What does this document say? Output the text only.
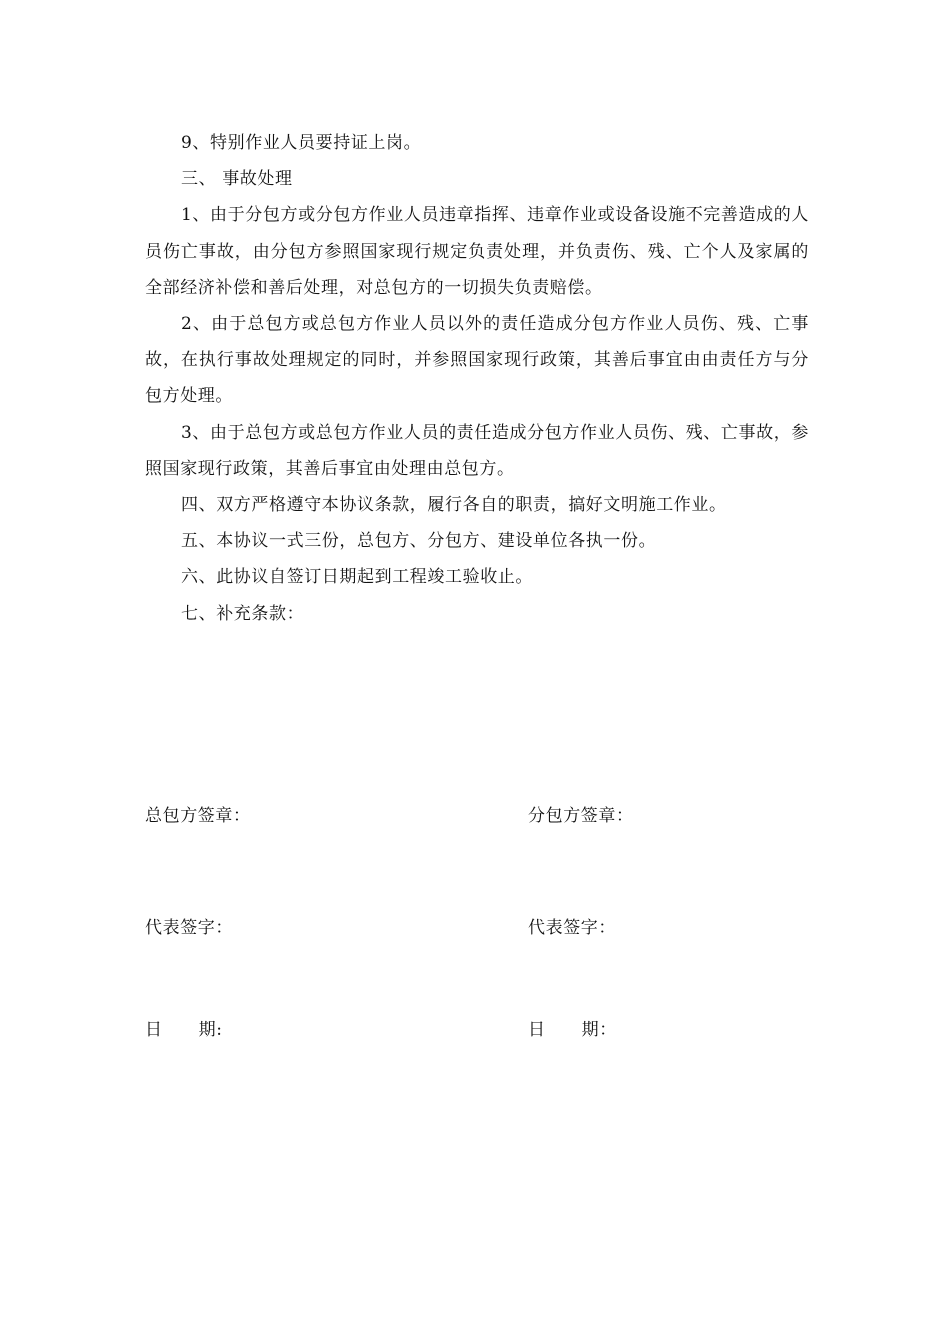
9、特别作业人员要持证上岗。

三、 事故处理

1、由于分包方或分包方作业人员违章指挥、违章作业或设备设施不完善造成的人员伤亡事故，由分包方参照国家现行规定负责处理，并负责伤、残、亡个人及家属的全部经济补偿和善后处理，对总包方的一切损失负责赔偿。

2、由于总包方或总包方作业人员以外的责任造成分包方作业人员伤、残、亡事故，在执行事故处理规定的同时，并参照国家现行政策，其善后事宜由由责任方与分包方处理。

3、由于总包方或总包方作业人员的责任造成分包方作业人员伤、残、亡事故，参照国家现行政策，其善后事宜由处理由总包方。

四、双方严格遵守本协议条款，履行各自的职责，搞好文明施工作业。

五、本协议一式三份，总包方、分包方、建设单位各执一份。

六、此协议自签订日期起到工程竣工验收止。

七、补充条款：

总包方签章：	分包方签章：
代表签字：	代表签字：
日      期:	日      期：
